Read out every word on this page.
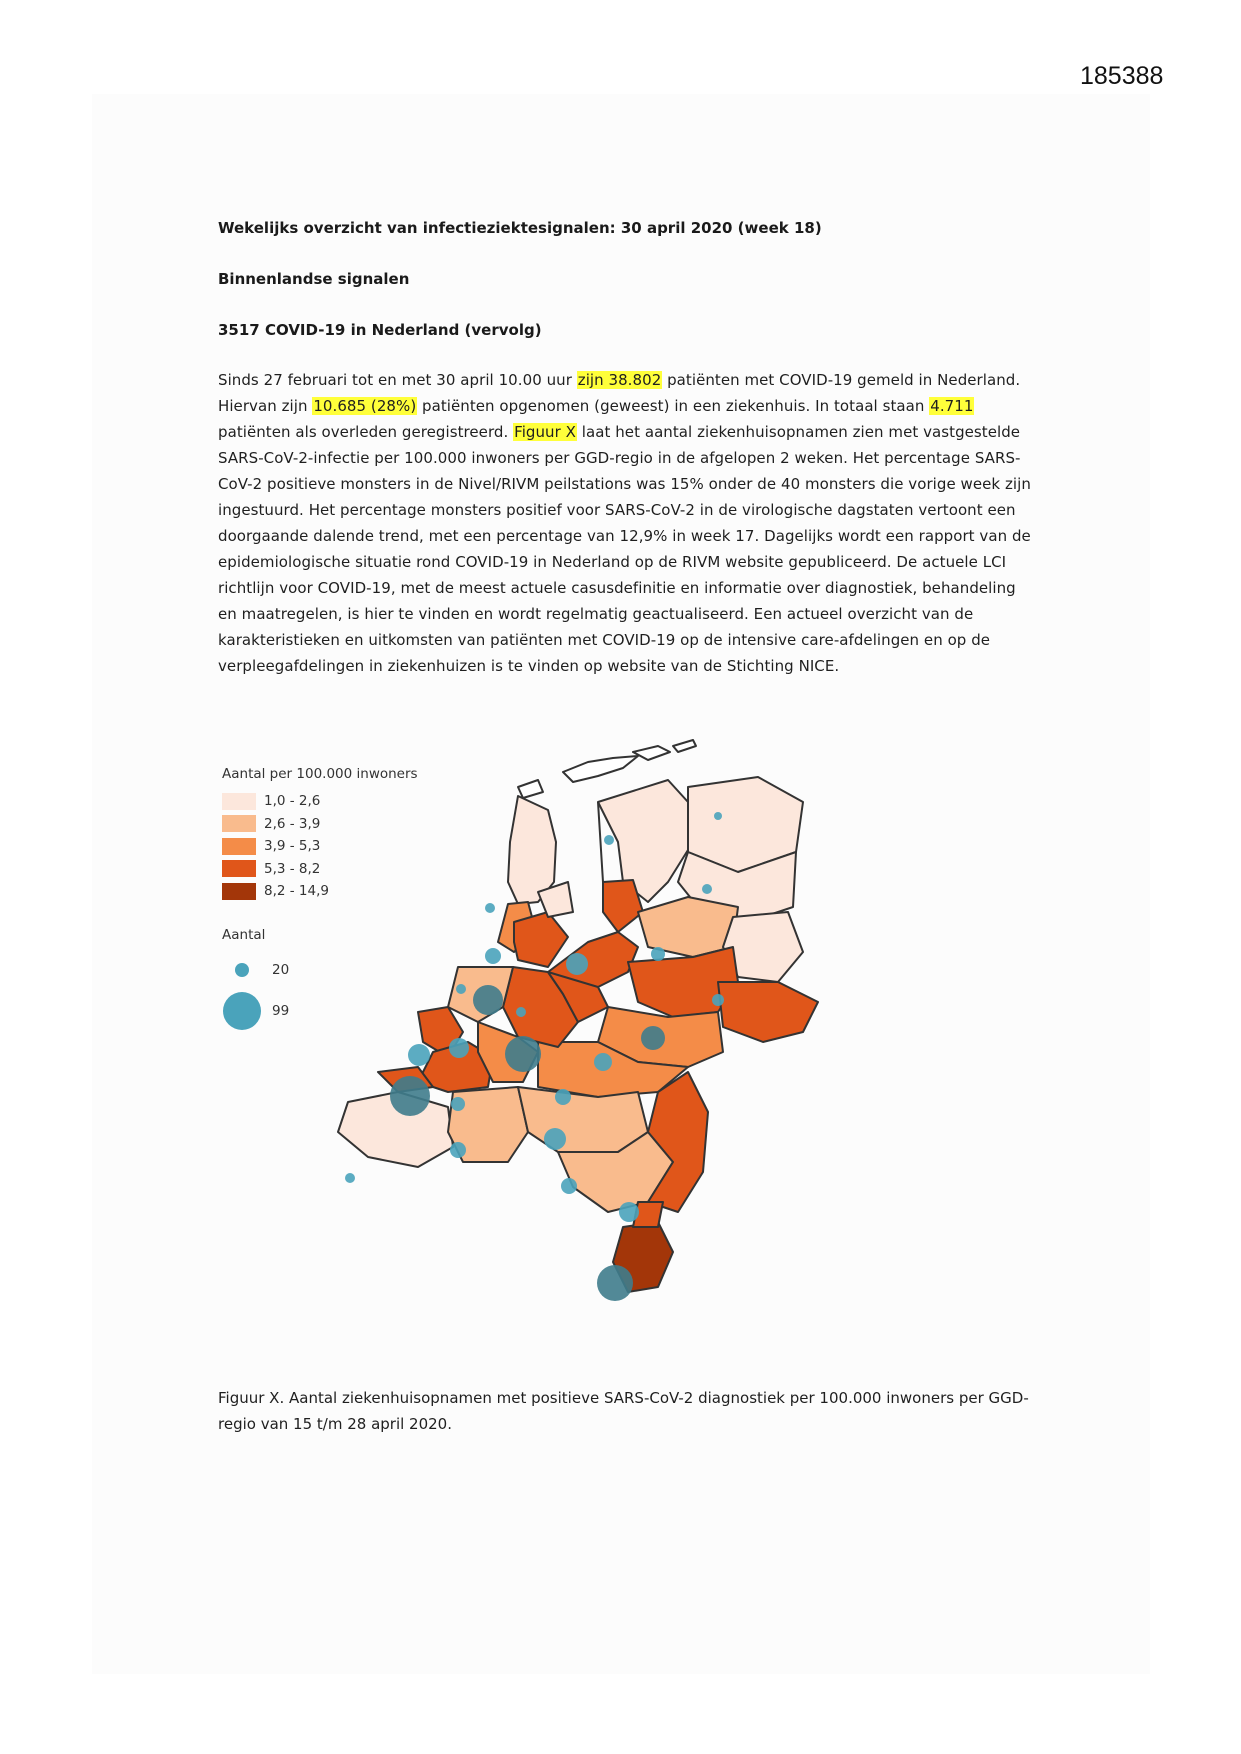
185388

Wekelijks overzicht van infectieziektesignalen: 30 april 2020 (week 18)

Binnenlandse signalen

3517 COVID-19 in Nederland (vervolg)

Sinds 27 februari tot en met 30 april 10.00 uur zijn 38.802 patiënten met COVID-19 gemeld in Nederland. Hiervan zijn 10.685 (28%) patiënten opgenomen (geweest) in een ziekenhuis. In totaal staan 4.711 patiënten als overleden geregistreerd. Figuur X laat het aantal ziekenhuisopnamen zien met vastgestelde SARS-CoV-2-infectie per 100.000 inwoners per GGD-regio in de afgelopen 2 weken. Het percentage SARS-CoV-2 positieve monsters in de Nivel/RIVM peilstations was 15% onder de 40 monsters die vorige week zijn ingestuurd. Het percentage monsters positief voor SARS-CoV-2 in de virologische dagstaten vertoont een doorgaande dalende trend, met een percentage van 12,9% in week 17. Dagelijks wordt een rapport van de epidemiologische situatie rond COVID-19 in Nederland op de RIVM website gepubliceerd. De actuele LCI richtlijn voor COVID-19, met de meest actuele casusdefinitie en informatie over diagnostiek, behandeling en maatregelen, is hier te vinden en wordt regelmatig geactualiseerd. Een actueel overzicht van de karakteristieken en uitkomsten van patiënten met COVID-19 op de intensive care-afdelingen en op de verpleegafdelingen in ziekenhuizen is te vinden op website van de Stichting NICE.

Aantal per 100.000 inwoners
1,0 - 2,6
2,6 - 3,9
3,9 - 5,3
5,3 - 8,2
8,2 - 14,9
Aantal
20
99

Figuur X. Aantal ziekenhuisopnamen met positieve SARS-CoV-2 diagnostiek per 100.000 inwoners per GGD-regio van 15 t/m 28 april 2020.
